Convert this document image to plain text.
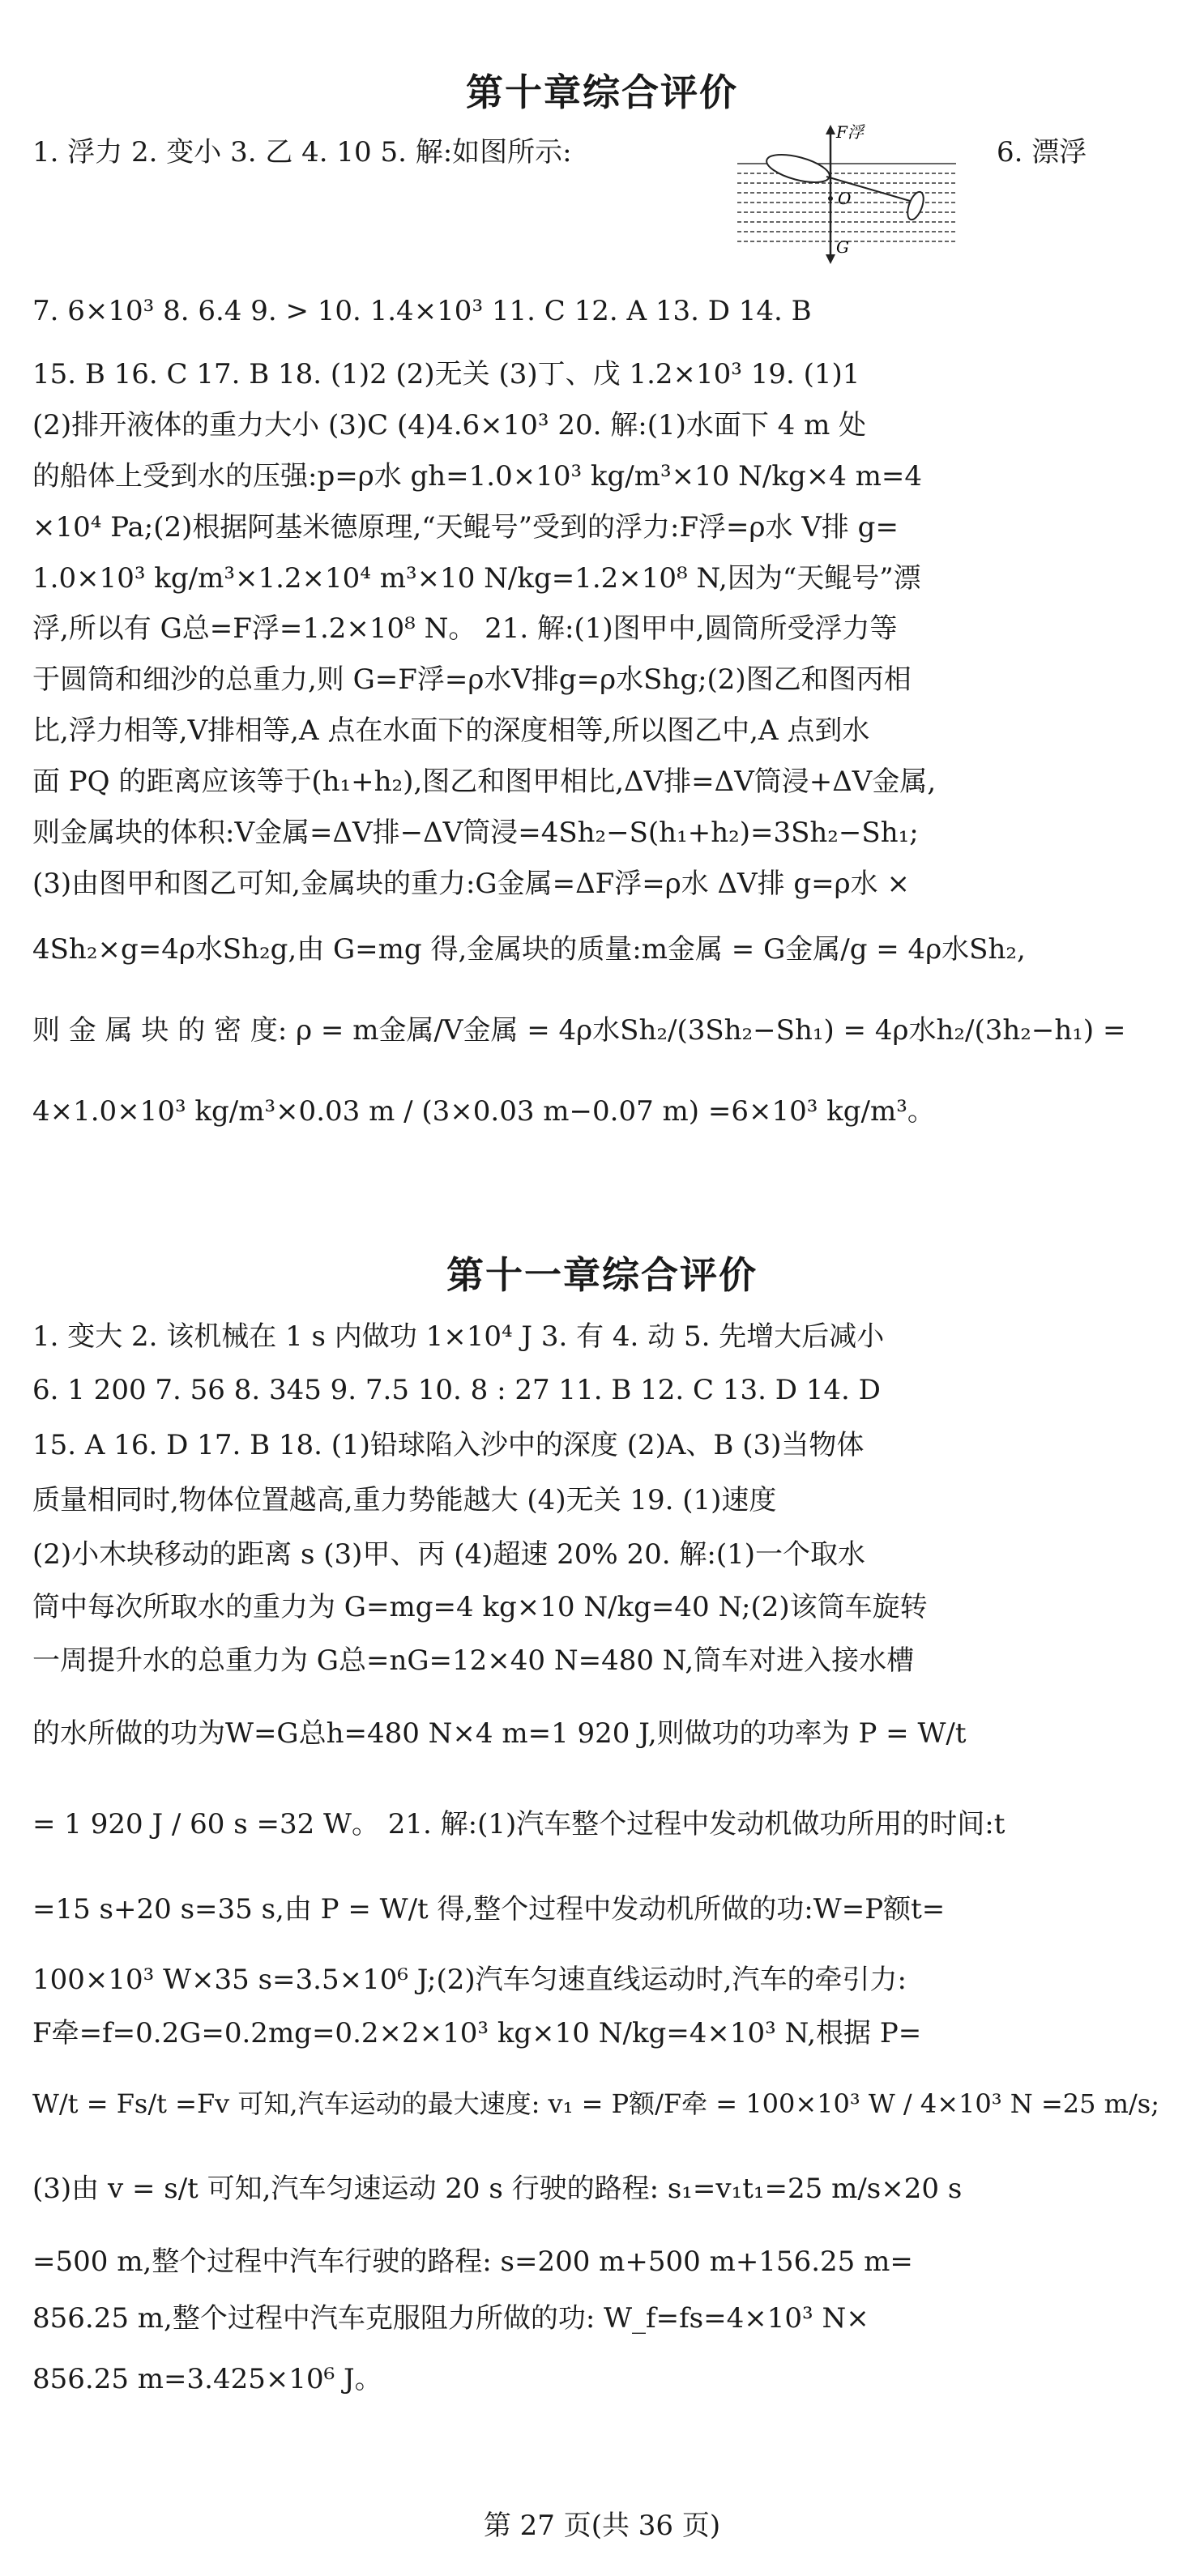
第十章综合评价
1. 浮力 2. 变小 3. 乙 4. 10 5. 解:如图所示:	6. 漂浮
7. 6×10³ 8. 6.4 9. > 10. 1.4×10³ 11. C 12. A 13. D 14. B
15. B 16. C 17. B 18. (1)2 (2)无关 (3)丁、戊 1.2×10³ 19. (1)1
(2)排开液体的重力大小 (3)C (4)4.6×10³ 20. 解:(1)水面下 4 m 处
的船体上受到水的压强:p=ρ水 gh=1.0×10³ kg/m³×10 N/kg×4 m=4
×10⁴ Pa;(2)根据阿基米德原理,“天鲲号”受到的浮力:F浮=ρ水 V排 g=
1.0×10³ kg/m³×1.2×10⁴ m³×10 N/kg=1.2×10⁸ N,因为“天鲲号”漂
浮,所以有 G总=F浮=1.2×10⁸ N。 21. 解:(1)图甲中,圆筒所受浮力等
于圆筒和细沙的总重力,则 G=F浮=ρ水V排g=ρ水Shg;(2)图乙和图丙相
比,浮力相等,V排相等,A 点在水面下的深度相等,所以图乙中,A 点到水
面 PQ 的距离应该等于(h₁+h₂),图乙和图甲相比,ΔV排=ΔV筒浸+ΔV金属,
则金属块的体积:V金属=ΔV排−ΔV筒浸=4Sh₂−S(h₁+h₂)=3Sh₂−Sh₁;
(3)由图甲和图乙可知,金属块的重力:G金属=ΔF浮=ρ水 ΔV排 g=ρ水 ×
4Sh₂×g=4ρ水Sh₂g,由 G=mg 得,金属块的质量:m金属 = G金属/g = 4ρ水Sh₂,
则 金 属 块 的 密 度: ρ = m金属/V金属 = 4ρ水Sh₂/(3Sh₂−Sh₁) = 4ρ水h₂/(3h₂−h₁) =
4×1.0×10³ kg/m³×0.03 m / (3×0.03 m−0.07 m) =6×10³ kg/m³。
F浮
O
G
第十一章综合评价
1. 变大 2. 该机械在 1 s 内做功 1×10⁴ J 3. 有 4. 动 5. 先增大后减小
6. 1 200 7. 56 8. 345 9. 7.5 10. 8 : 27 11. B 12. C 13. D 14. D
15. A 16. D 17. B 18. (1)铅球陷入沙中的深度 (2)A、B (3)当物体
质量相同时,物体位置越高,重力势能越大 (4)无关 19. (1)速度
(2)小木块移动的距离 s (3)甲、丙 (4)超速 20% 20. 解:(1)一个取水
筒中每次所取水的重力为 G=mg=4 kg×10 N/kg=40 N;(2)该筒车旋转
一周提升水的总重力为 G总=nG=12×40 N=480 N,筒车对进入接水槽
的水所做的功为W=G总h=480 N×4 m=1 920 J,则做功的功率为 P = W/t
= 1 920 J / 60 s =32 W。 21. 解:(1)汽车整个过程中发动机做功所用的时间:t
=15 s+20 s=35 s,由 P = W/t 得,整个过程中发动机所做的功:W=P额t=
100×10³ W×35 s=3.5×10⁶ J;(2)汽车匀速直线运动时,汽车的牵引力:
F牵=f=0.2G=0.2mg=0.2×2×10³ kg×10 N/kg=4×10³ N,根据 P=
W/t = Fs/t =Fv 可知,汽车运动的最大速度: v₁ = P额/F牵 = 100×10³ W / 4×10³ N =25 m/s;
(3)由 v = s/t 可知,汽车匀速运动 20 s 行驶的路程: s₁=v₁t₁=25 m/s×20 s
=500 m,整个过程中汽车行驶的路程: s=200 m+500 m+156.25 m=
856.25 m,整个过程中汽车克服阻力所做的功: W_f=fs=4×10³ N×
856.25 m=3.425×10⁶ J。
第 27 页(共 36 页)
